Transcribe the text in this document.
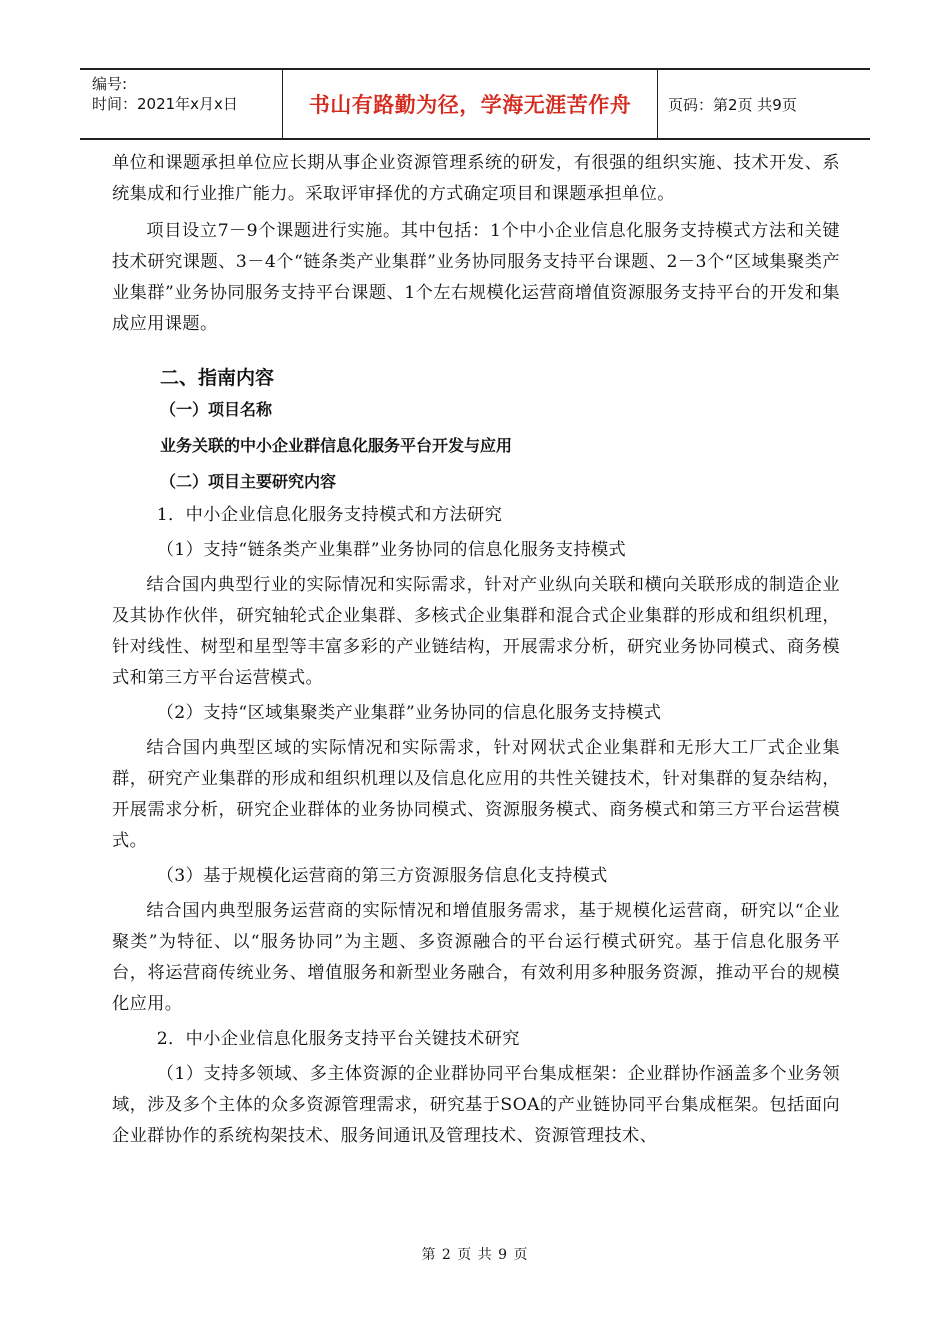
编号:
时间：2021年x月x日	书山有路勤为径，学海无涯苦作舟	页码：第2页 共9页

单位和课题承担单位应长期从事企业资源管理系统的研发，有很强的组织实施、技术开发、系统集成和行业推广能力。采取评审择优的方式确定项目和课题承担单位。

项目设立7－9个课题进行实施。其中包括：1个中小企业信息化服务支持模式方法和关键技术研究课题、3－4个“链条类产业集群”业务协同服务支持平台课题、2－3个“区域集聚类产业集群”业务协同服务支持平台课题、1个左右规模化运营商增值资源服务支持平台的开发和集成应用课题。

二、指南内容

（一）项目名称

业务关联的中小企业群信息化服务平台开发与应用

（二）项目主要研究内容

1．中小企业信息化服务支持模式和方法研究

（1）支持“链条类产业集群”业务协同的信息化服务支持模式

结合国内典型行业的实际情况和实际需求，针对产业纵向关联和横向关联形成的制造企业及其协作伙伴，研究轴轮式企业集群、多核式企业集群和混合式企业集群的形成和组织机理，针对线性、树型和星型等丰富多彩的产业链结构，开展需求分析，研究业务协同模式、商务模式和第三方平台运营模式。

（2）支持“区域集聚类产业集群”业务协同的信息化服务支持模式

结合国内典型区域的实际情况和实际需求，针对网状式企业集群和无形大工厂式企业集群，研究产业集群的形成和组织机理以及信息化应用的共性关键技术，针对集群的复杂结构，开展需求分析，研究企业群体的业务协同模式、资源服务模式、商务模式和第三方平台运营模式。

（3）基于规模化运营商的第三方资源服务信息化支持模式

结合国内典型服务运营商的实际情况和增值服务需求，基于规模化运营商，研究以“企业聚类”为特征、以“服务协同”为主题、多资源融合的平台运行模式研究。基于信息化服务平台，将运营商传统业务、增值服务和新型业务融合，有效利用多种服务资源，推动平台的规模化应用。

2．中小企业信息化服务支持平台关键技术研究

（1）支持多领域、多主体资源的企业群协同平台集成框架：企业群协作涵盖多个业务领域，涉及多个主体的众多资源管理需求，研究基于SOA的产业链协同平台集成框架。包括面向企业群协作的系统构架技术、服务间通讯及管理技术、资源管理技术、

第 2 页 共 9 页
